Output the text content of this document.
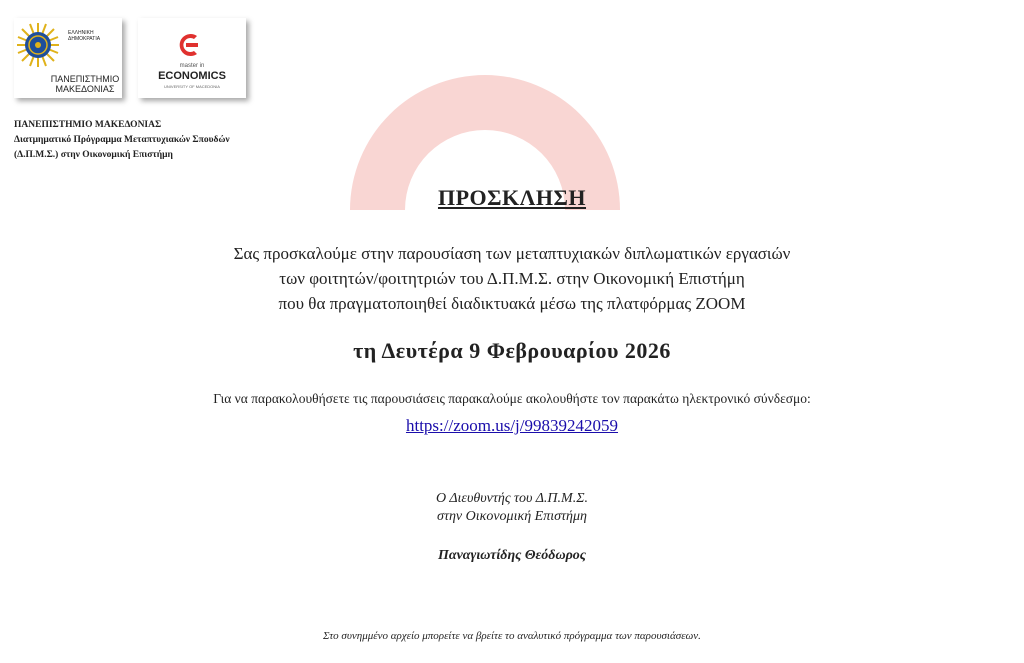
ΕΛΛΗΝΙΚΗ
ΔΗΜΟΚΡΑΤΙΑ
ΠΑΝΕΠΙΣΤΗΜΙΟ
ΜΑΚΕΔΟΝΙΑΣ
master in
ECONOMICS
UNIVERSITY OF MACEDONIA
ΠΑΝΕΠΙΣΤΗΜΙΟ ΜΑΚΕΔΟΝΙΑΣ
Διατμηματικό Πρόγραμμα Μεταπτυχιακών Σπουδών
(Δ.Π.Μ.Σ.) στην Οικονομική Επιστήμη
ΠΡΟΣΚΛΗΣΗ
Σας προσκαλούμε στην παρουσίαση των μεταπτυχιακών διπλωματικών εργασιών
των φοιτητών/φοιτητριών του Δ.Π.Μ.Σ. στην Οικονομική Επιστήμη
που θα πραγματοποιηθεί διαδικτυακά μέσω της πλατφόρμας ZOOM
τη Δευτέρα 9 Φεβρουαρίου 2026
Για να παρακολουθήσετε τις παρουσιάσεις παρακαλούμε ακολουθήστε τον παρακάτω ηλεκτρονικό σύνδεσμο:
https://zoom.us/j/99839242059
Ο Διευθυντής του Δ.Π.Μ.Σ.
στην Οικονομική Επιστήμη
Παναγιωτίδης Θεόδωρος
Στο συνημμένο αρχείο μπορείτε να βρείτε το αναλυτικό πρόγραμμα των παρουσιάσεων.
